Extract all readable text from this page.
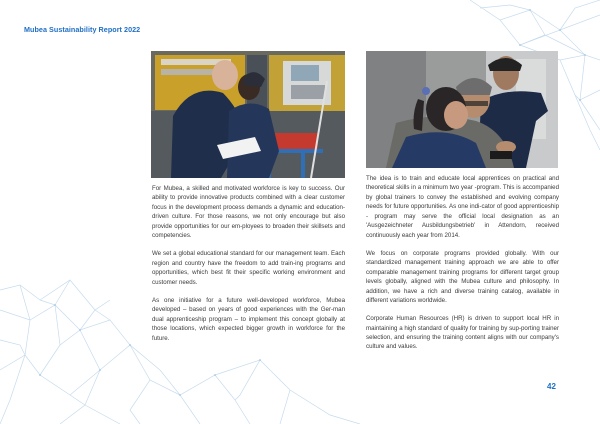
Mubea Sustainability Report 2022

For Mubea, a skilled and motivated workforce is key to success. Our ability to provide innovative products combined with a clear customer focus in the development process demands a dynamic and education-driven culture. For those reasons, we not only encourage but also provide opportunities for our em-ployees to broaden their skillsets and competencies.

We set a global educational standard for our management team. Each region and country have the freedom to add train-ing programs and opportunities, which best fit their specific working environment and customer needs.

As one initiative for a future well-developed workforce, Mubea developed – based on years of good experiences with the Ger-man dual apprenticeship program – to implement this concept globally at those locations, which expected bigger growth in workforce for the future.

The idea is to train and educate local apprentices on practical and theoretical skills in a minimum two year -program. This is accompanied by global trainers to convey the established and evolving company needs for future opportunities. As one indi-cator of good apprenticeship - program may serve the official local designation as an 'Ausgezeichneter Ausbildungsbetrieb' in Attendorn, received continuously each year from 2014.

We focus on corporate programs provided globally. With our standardized management training approach we are able to offer comparable management training programs for different target group levels globally, aligned with the Mubea culture and philosophy. In addition, we have a rich and diverse training catalog, available in different variations worldwide.

Corporate Human Resources (HR) is driven to support local HR in maintaining a high standard of quality for training by sup-porting trainer selection, and ensuring the training content aligns with our company's culture and values.

42
